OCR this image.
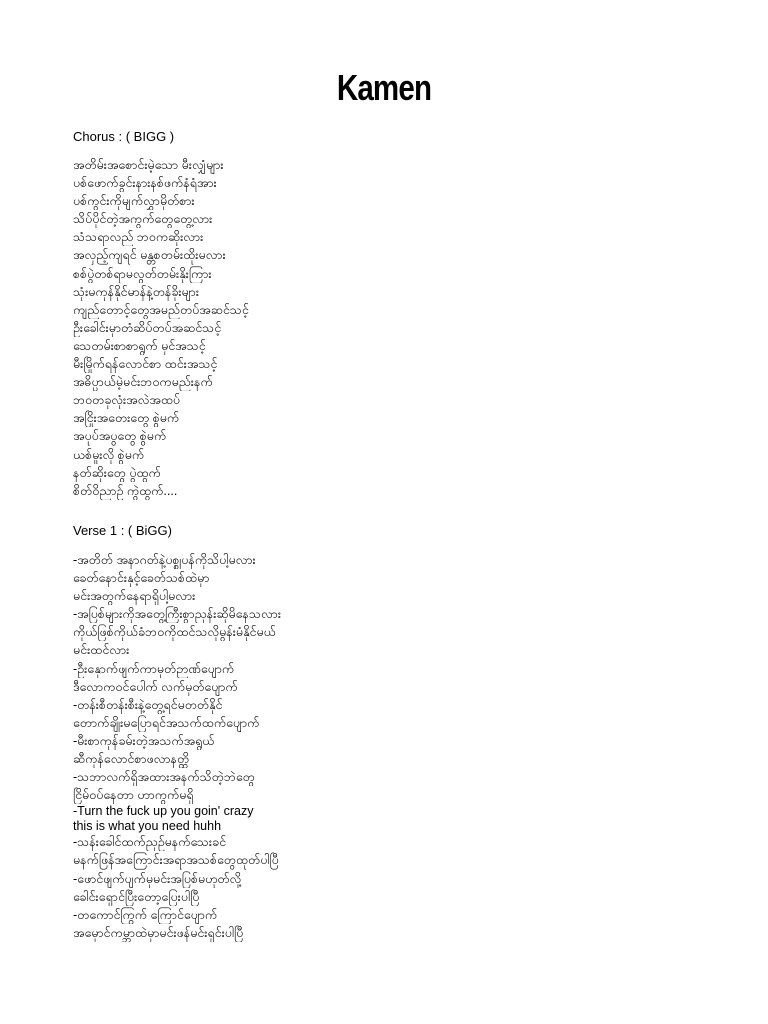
Kamen

Chorus : ( BIGG )

အတိမ်းအစောင်းမဲ့သော မီးလျှံများ
ပစ်ဖောက်ခွင်းနားနစ်ဖက်နံရံအား
ပစ်ကွင်းကိုမျက်လွှာမှိတ်စား
သိပ်ပိုင်တဲ့အကွက်တွေတွေ့လား
သံသရာလည် ဘဝကဆိုးလား
အလှည့်ကျရင် မန္တစတမ်းထိုးမလား
စစ်ပွဲတစ်ရာမလွတ်တမ်းနိုးကြား
သုံးမကုန်နိုင်မာန်နဲ့တန်ခိုးများ
ကျည်တောင့်တွေအမည်တပ်အဆင်သင့်
ဦးခေါင်းမှာတံဆိပ်တပ်အဆင်သင့်
သေတမ်းစာစာရွက် မှင်အသင့်
မီးမြိုက်ရန်လောင်စာ ထင်းအသင့်
အဓိပ္ပာယ်မဲ့မင်းဘဝကမည်းနက်
ဘဝတခုလုံးအလဲအထပ်
အငြိုးအတေးတွေ စွဲမက်
အပုပ်အပွတွေ စွဲမက်
ယစ်မူးလို စွဲမက်
နတ်ဆိုးတွေ ပွဲထွက်
စိတ်ဝိညာဉ် ကွဲထွက်....

Verse 1 : ( BiGG)

-အတိတ် အနာဂတ်နဲ့ပစ္စုပန်ကိုသိပါ့မလား
ခေတ်နောင်းနှင့်ခေတ်သစ်ထဲမှာ
မင်းအတွက်နေရာရှိပါ့မလား
-အပြစ်များကိုအတွေ့ကြီးစွာညှန်းဆိုမိနေသလား
ကိုယ်ဖြစ်ကိုယ်ခံဘဝကိုထင်သလိုမွန်းမံနိုင်မယ်
မင်းထင်လား
-ဦးနှောက်ဖျက်ကာမှတ်ဉာဏ်ပျောက်
ဒီလောကဝင်ပေါက် လက်မှတ်ပျောက်
-တန်းစီတန်းစီးနဲ့တွေ့ရင်မတတ်နိုင်
တောက်ချိုးမပြောရင်အသက်ထက်ပျောက်
-မီးစာကုန်ခမ်းတဲ့အသက်အရွယ်
ဆီကုန်လောင်စာဖလာနတ္ထိ
-သဘာလက်ရှိအထားအနက်သိတဲ့ဘဲတွေ
ငြိမ်ဝပ်နေတာ ဟာကွက်မရှိ
-Turn the fuck up you goin' crazy
this is what you need huhh
-သန်းခေါင်ထက်ညှဉ်မနက်သေးခင်
မနက်ဖြန်အကြောင်းအရာအသစ်တွေထုတ်ပါပြီ
-ဖောင်ဖျက်ပျက်မှမင်းအပြစ်မဟုတ်လို့
ခေါင်းရှောင်ပြီးတော့ပြေးပါပြီ
-တကောင်ကြွက် ကြောင်ပျောက်
အမှောင်ကမ္ဘာထဲမှာမင်းဖန်မင်းရှင်းပါပြီ
